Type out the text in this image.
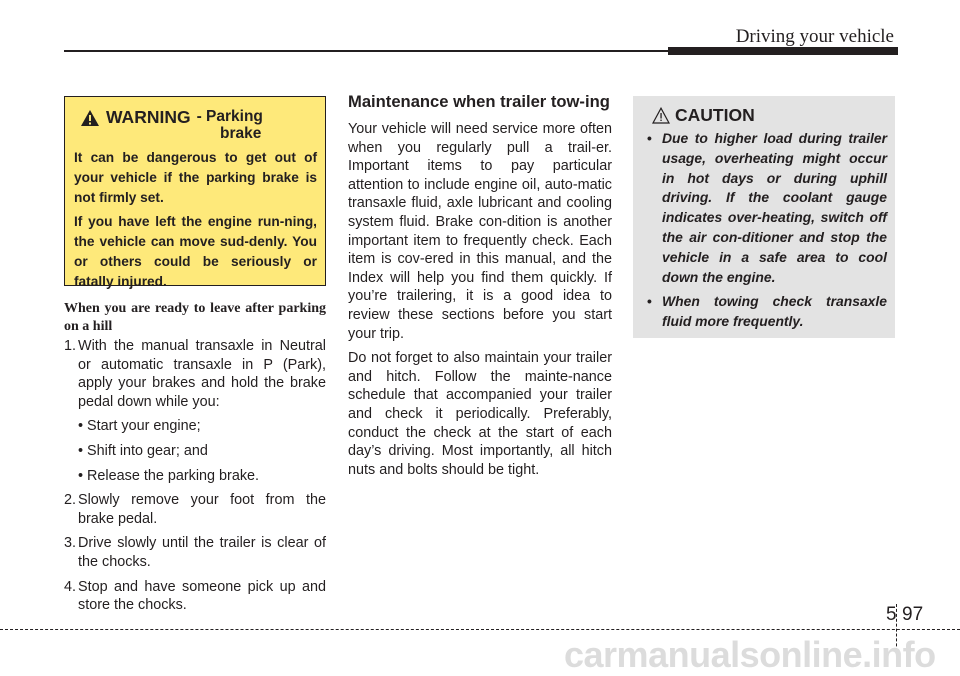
Driving your vehicle
WARNING - Parking
brake

It can be dangerous to get out of your vehicle if the parking brake is not firmly set.

If you have left the engine run-ning, the vehicle can move sud-denly. You or others could be seriously or fatally injured.

When you are ready to leave after parking on a hill

1. With the manual transaxle in Neutral or automatic transaxle in P (Park), apply your brakes and hold the brake pedal down while you:
• Start your engine;
• Shift into gear; and
• Release the parking brake.
2. Slowly remove your foot from the brake pedal.
3. Drive slowly until the trailer is clear of the chocks.
4. Stop and have someone pick up and store the chocks.
Maintenance when trailer tow-ing

Your vehicle will need service more often when you regularly pull a trail-er. Important items to pay particular attention to include engine oil, auto-matic transaxle fluid, axle lubricant and cooling system fluid. Brake con-dition is another important item to frequently check. Each item is cov-ered in this manual, and the Index will help you find them quickly. If you’re trailering, it is a good idea to review these sections before you start your trip.

Do not forget to also maintain your trailer and hitch. Follow the mainte-nance schedule that accompanied your trailer and check it periodically. Preferably, conduct the check at the start of each day’s driving. Most importantly, all hitch nuts and bolts should be tight.

CAUTION
• Due to higher load during trailer usage, overheating might occur in hot days or during uphill driving. If the coolant gauge indicates over-heating, switch off the air con-ditioner and stop the vehicle in a safe area to cool down the engine.
• When towing check transaxle fluid more frequently.
5 97
carmanualsonline.info
